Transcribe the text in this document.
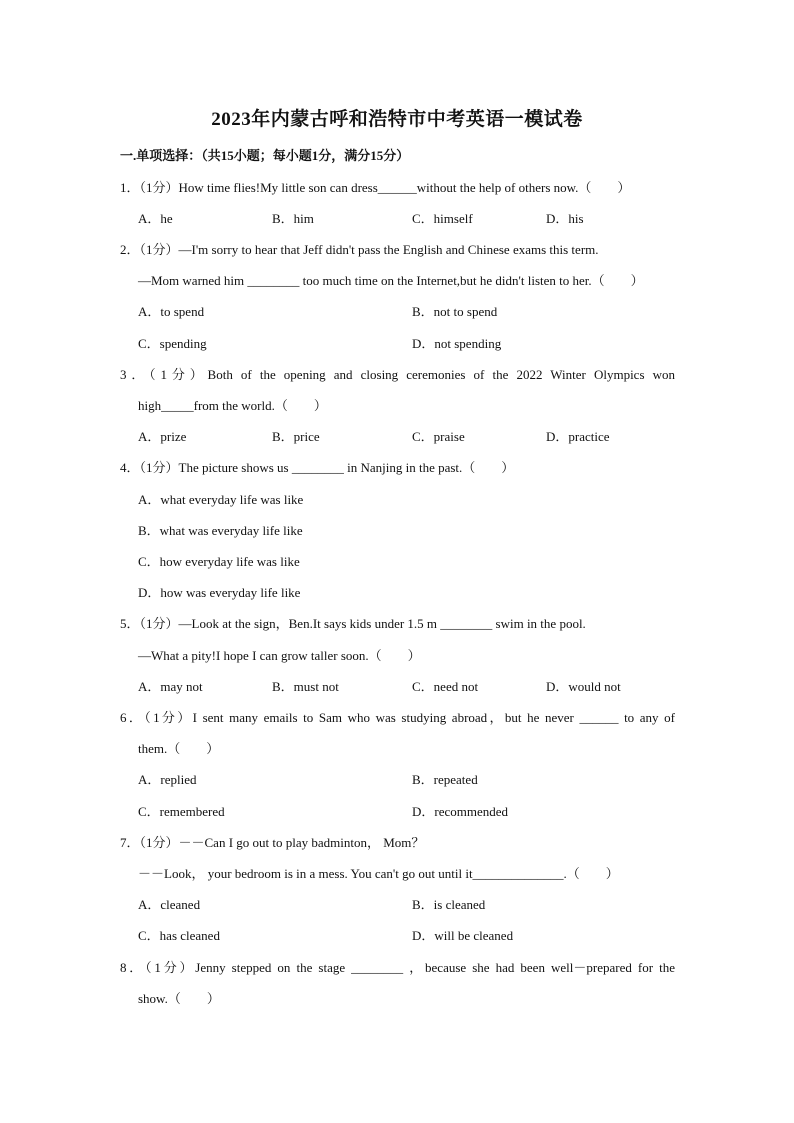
2023年内蒙古呼和浩特市中考英语一模试卷
一.单项选择：（共15小题；每小题1分，满分15分）
1．（1分）How time flies!My little son can dress______without the help of others now.（　　）
A．he	B．him	C．himself	D．his
2．（1分）—I'm sorry to hear that Jeff didn't pass the English and Chinese exams this term.
—Mom warned him ________ too much time on the Internet,but he didn't listen to her.（　　）
A．to spend	B．not to spend
C．spending	D．not spending
3．（1分）Both of the opening and closing ceremonies of the 2022 Winter Olympics won
high_____from the world.（　　）
A．prize	B．price	C．praise	D．practice
4．（1分）The picture shows us ________ in Nanjing in the past.（　　）
A．what everyday life was like
B．what was everyday life like
C．how everyday life was like
D．how was everyday life like
5．（1分）—Look at the sign，Ben.It says kids under 1.5 m ________ swim in the pool.
—What a pity!I hope I can grow taller soon.（　　）
A．may not	B．must not	C．need not	D．would not
6．（1分）I sent many emails to Sam who was studying abroad，but he never ______ to any of
them.（　　）
A．replied	B．repeated
C．remembered	D．recommended
7．（1分）－－Can I go out to play badminton， Mom？
－－Look， your bedroom is in a mess. You can't go out until it______________.（　　）
A．cleaned	B．is cleaned
C．has cleaned	D．will be cleaned
8．（1分）Jenny stepped on the stage ________ ，because she had been well－prepared for the
show.（　　）
